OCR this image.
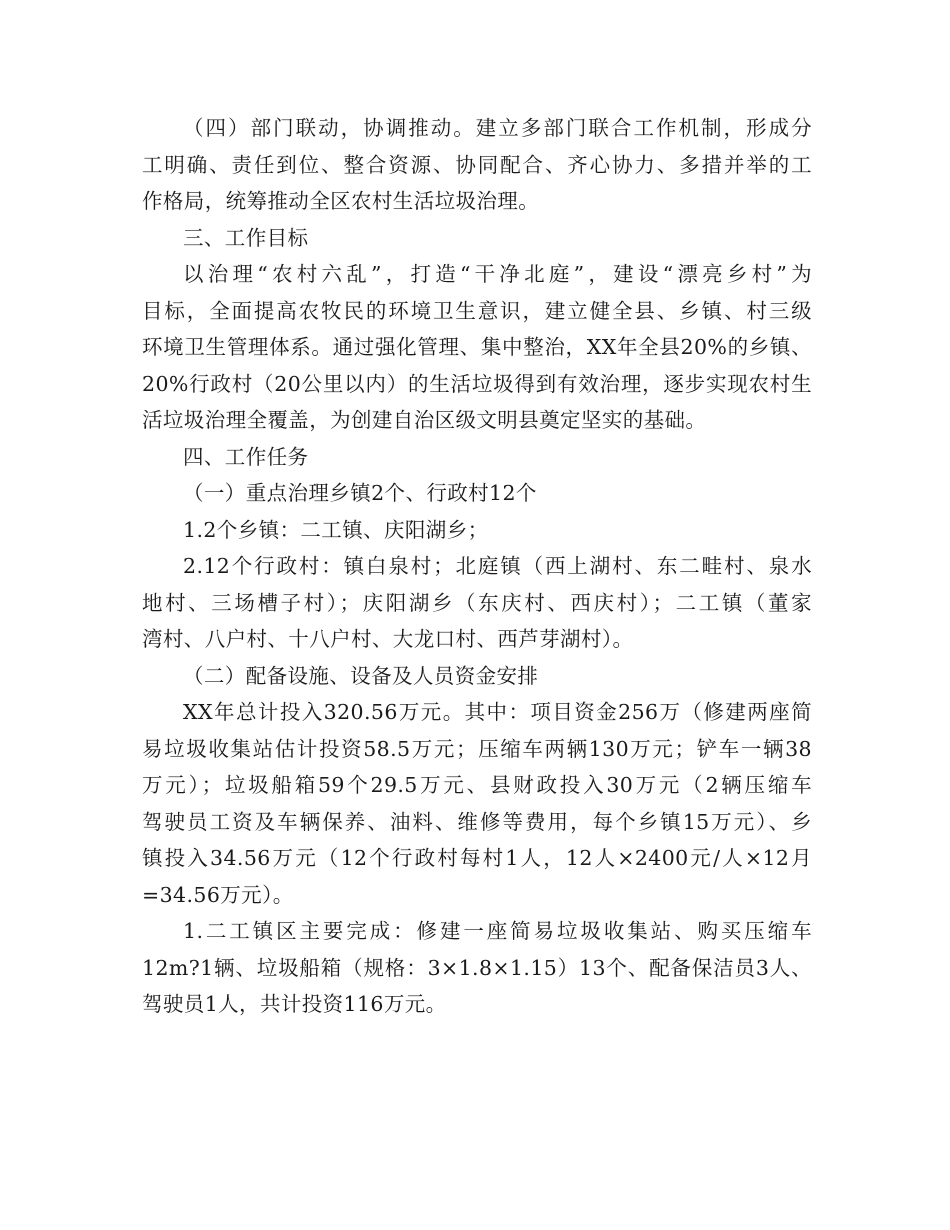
（四）部门联动，协调推动。建立多部门联合工作机制，形成分
工明确、责任到位、整合资源、协同配合、齐心协力、多措并举的工
作格局，统筹推动全区农村生活垃圾治理。
三、工作目标
以治理“农村六乱”，打造“干净北庭”，建设“漂亮乡村”为
目标，全面提高农牧民的环境卫生意识，建立健全县、乡镇、村三级
环境卫生管理体系。通过强化管理、集中整治，XX年全县20%的乡镇、
20%行政村（20公里以内）的生活垃圾得到有效治理，逐步实现农村生
活垃圾治理全覆盖，为创建自治区级文明县奠定坚实的基础。
四、工作任务
（一）重点治理乡镇2个、行政村12个
1.2个乡镇：二工镇、庆阳湖乡；
2.12个行政村：镇白泉村；北庭镇（西上湖村、东二畦村、泉水
地村、三场槽子村）；庆阳湖乡（东庆村、西庆村）；二工镇（董家
湾村、八户村、十八户村、大龙口村、西芦芽湖村）。
（二）配备设施、设备及人员资金安排
XX年总计投入320.56万元。其中：项目资金256万（修建两座简
易垃圾收集站估计投资58.5万元；压缩车两辆130万元；铲车一辆38
万元）；垃圾船箱59个29.5万元、县财政投入30万元（2辆压缩车
驾驶员工资及车辆保养、油料、维修等费用，每个乡镇15万元）、乡
镇投入34.56万元（12个行政村每村1人，12人×2400元/人×12月
=34.56万元）。
1.二工镇区主要完成：修建一座简易垃圾收集站、购买压缩车
12m?1辆、垃圾船箱（规格：3×1.8×1.15）13个、配备保洁员3人、
驾驶员1人，共计投资116万元。
